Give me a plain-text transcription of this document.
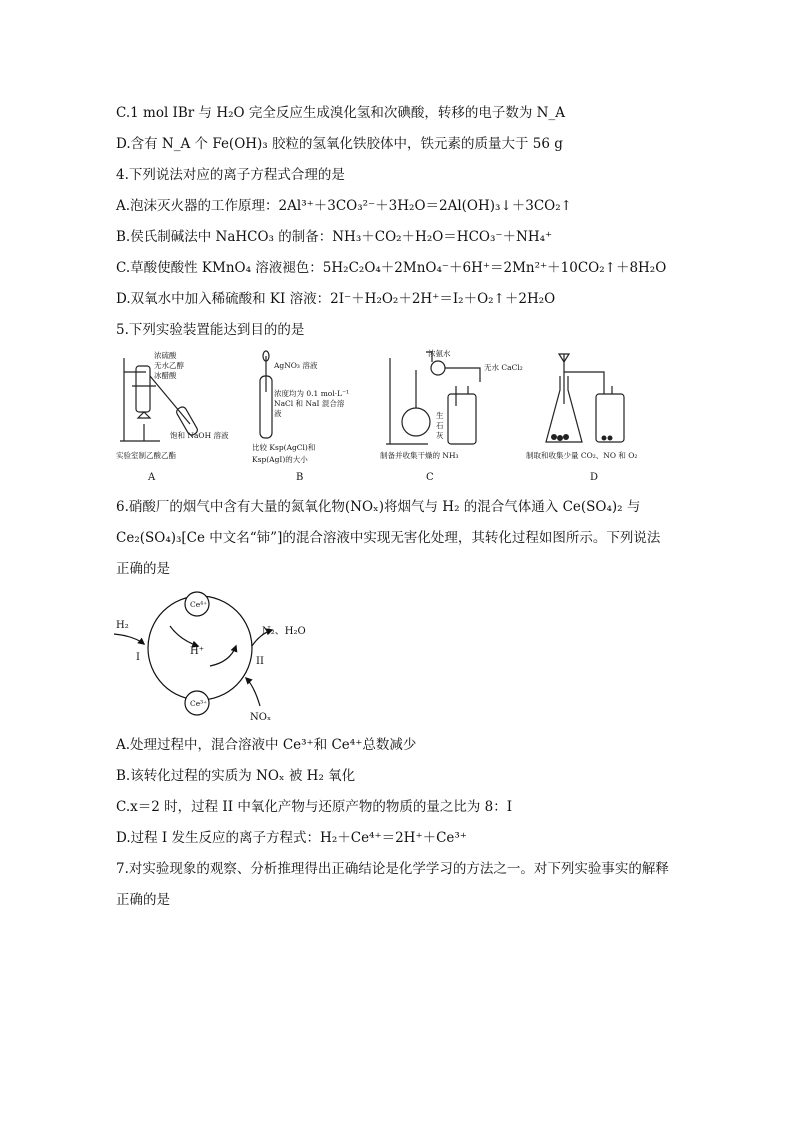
C.1 mol IBr 与 H₂O 完全反应生成溴化氢和次碘酸，转移的电子数为 N_A
D.含有 N_A 个 Fe(OH)₃ 胶粒的氢氧化铁胶体中，铁元素的质量大于 56 g
4.下列说法对应的离子方程式合理的是
A.泡沫灭火器的工作原理：2Al³⁺＋3CO₃²⁻＋3H₂O＝2Al(OH)₃↓＋3CO₂↑
B.侯氏制碱法中 NaHCO₃ 的制备：NH₃＋CO₂＋H₂O＝HCO₃⁻＋NH₄⁺
C.草酸使酸性 KMnO₄ 溶液褪色：5H₂C₂O₄＋2MnO₄⁻＋6H⁺＝2Mn²⁺＋10CO₂↑＋8H₂O
D.双氧水中加入稀硫酸和 KI 溶液：2I⁻＋H₂O₂＋2H⁺＝I₂＋O₂↑＋2H₂O
5.下列实验装置能达到目的的是
浓硫酸
无水乙醇
冰醋酸
饱和 NaOH 溶液
实验室制乙酸乙酯
A
AgNO₃ 溶液
浓度均为 0.1 mol·L⁻¹
NaCl 和 NaI 混合溶
液
比较 Ksp(AgCl)和
Ksp(AgI)的大小
B
浓氨水
无水 CaCl₂
生
石
灰
制备并收集干燥的 NH₃
C
制取和收集少量 CO₂、NO 和 O₂
D
6.硝酸厂的烟气中含有大量的氮氧化物(NOₓ)将烟气与 H₂ 的混合气体通入 Ce(SO₄)₂ 与
Ce₂(SO₄)₃[Ce 中文名“铈”]的混合溶液中实现无害化处理，其转化过程如图所示。下列说法
正确的是
Ce⁴⁺
Ce³⁺
H⁺
H₂
I
N₂、H₂O
II
NOₓ
A.处理过程中，混合溶液中 Ce³⁺和 Ce⁴⁺总数减少
B.该转化过程的实质为 NOₓ 被 H₂ 氧化
C.x＝2 时，过程 II 中氧化产物与还原产物的物质的量之比为 8：I
D.过程 I 发生反应的离子方程式：H₂＋Ce⁴⁺＝2H⁺＋Ce³⁺
7.对实验现象的观察、分析推理得出正确结论是化学学习的方法之一。对下列实验事实的解释
正确的是
